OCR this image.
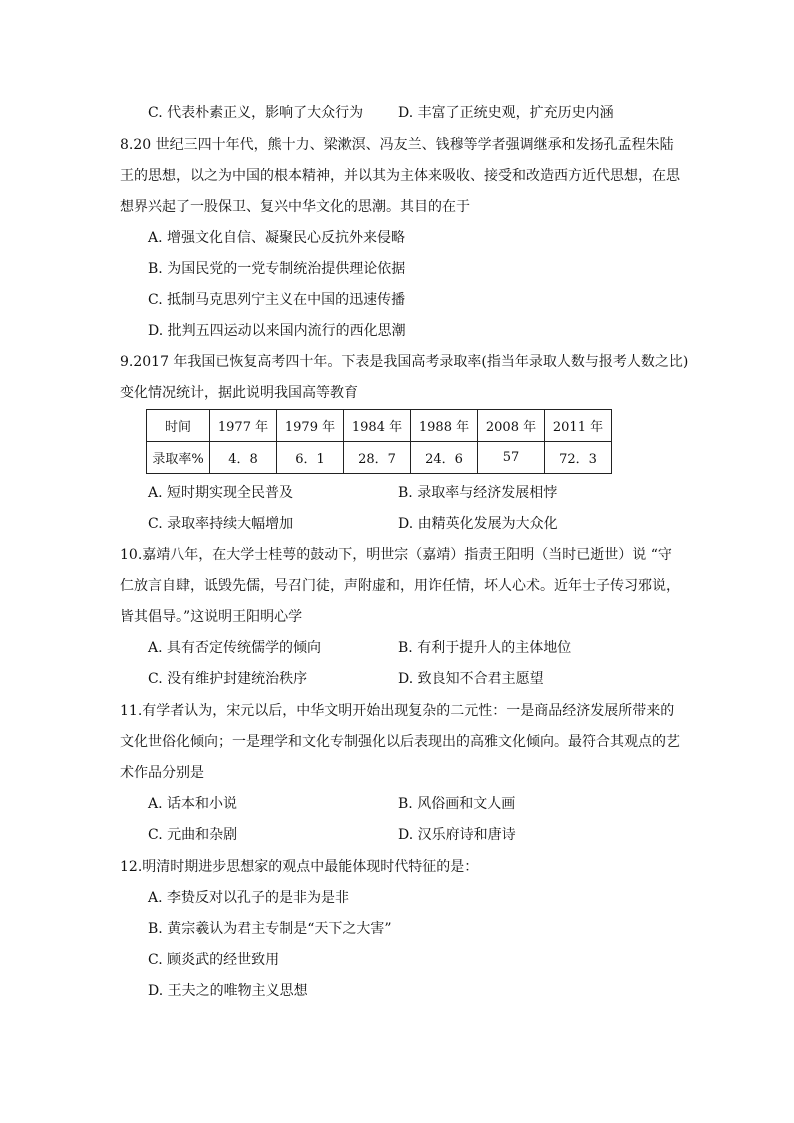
C. 代表朴素正义，影响了大众行为 D. 丰富了正统史观，扩充历史内涵
8.20 世纪三四十年代，熊十力、梁漱溟、冯友兰、钱穆等学者强调继承和发扬孔孟程朱陆
王的思想，以之为中国的根本精神，并以其为主体来吸收、接受和改造西方近代思想，在思
想界兴起了一股保卫、复兴中华文化的思潮。其目的在于
A. 增强文化自信、凝聚民心反抗外来侵略
B. 为国民党的一党专制统治提供理论依据
C. 抵制马克思列宁主义在中国的迅速传播
D. 批判五四运动以来国内流行的西化思潮
9.2017 年我国已恢复高考四十年。下表是我国高考录取率(指当年录取人数与报考人数之比)
变化情况统计，据此说明我国高等教育
时间	1977 年	1979 年	1984 年	1988 年	2008 年	2011 年
录取率%	4．8	6．1	28．7	24．6	57	72．3
A. 短时期实现全民普及	B. 录取率与经济发展相悖
C. 录取率持续大幅增加	D. 由精英化发展为大众化
10.嘉靖八年，在大学士桂萼的鼓动下，明世宗（嘉靖）指责王阳明（当时已逝世）说 “守
仁放言自肆，诋毁先儒，号召门徒，声附虚和，用诈任情，坏人心术。近年士子传习邪说，
皆其倡导。”这说明王阳明心学
A. 具有否定传统儒学的倾向	B. 有利于提升人的主体地位
C. 没有维护封建统治秩序	D. 致良知不合君主愿望
11.有学者认为，宋元以后，中华文明开始出现复杂的二元性：一是商品经济发展所带来的
文化世俗化倾向；一是理学和文化专制强化以后表现出的高雅文化倾向。最符合其观点的艺
术作品分别是
A. 话本和小说	B. 风俗画和文人画
C. 元曲和杂剧	D. 汉乐府诗和唐诗
12.明清时期进步思想家的观点中最能体现时代特征的是：
A. 李贽反对以孔子的是非为是非
B. 黄宗羲认为君主专制是“天下之大害”
C. 顾炎武的经世致用
D. 王夫之的唯物主义思想
